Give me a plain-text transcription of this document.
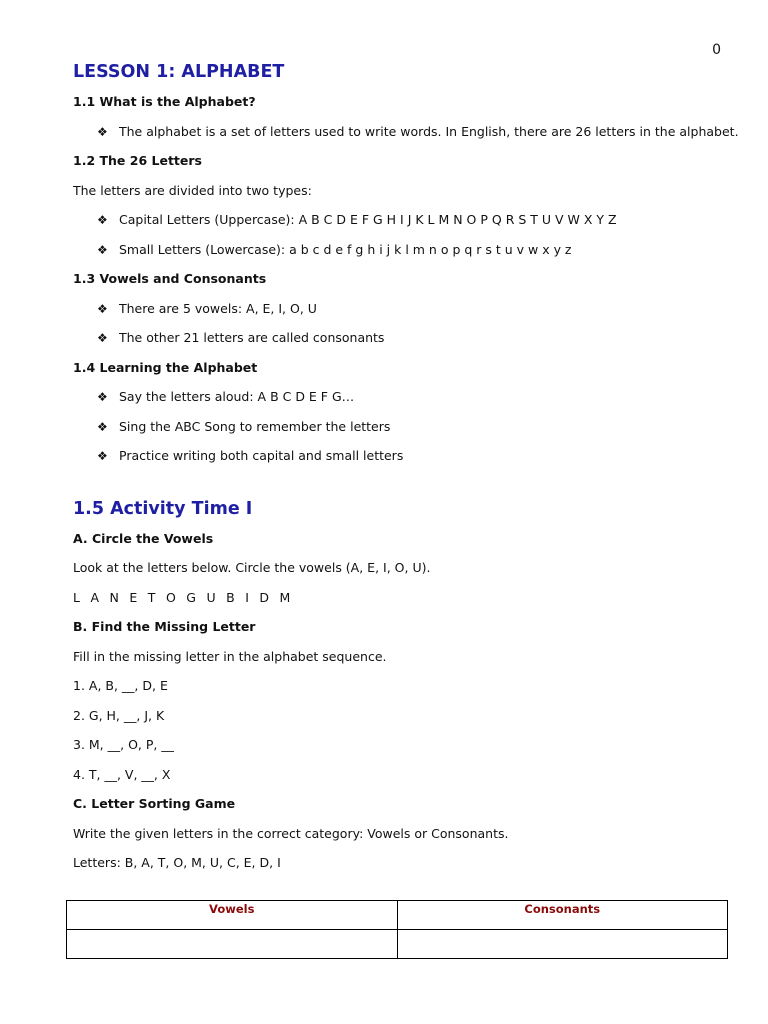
0
LESSON 1: ALPHABET
1.1 What is the Alphabet?
❖ The alphabet is a set of letters used to write words. In English, there are 26 letters in the alphabet.
1.2 The 26 Letters
The letters are divided into two types:
❖ Capital Letters (Uppercase): A B C D E F G H I J K L M N O P Q R S T U V W X Y Z
❖ Small Letters (Lowercase): a b c d e f g h i j k l m n o p q r s t u v w x y z
1.3 Vowels and Consonants
❖ There are 5 vowels: A, E, I, O, U
❖ The other 21 letters are called consonants
1.4 Learning the Alphabet
❖ Say the letters aloud: A B C D E F G…
❖ Sing the ABC Song to remember the letters
❖ Practice writing both capital and small letters
1.5 Activity Time I
A. Circle the Vowels
Look at the letters below. Circle the vowels (A, E, I, O, U).
L A N E T O G U B I D M
B. Find the Missing Letter
Fill in the missing letter in the alphabet sequence.
1. A, B, __, D, E
2. G, H, __, J, K
3. M, __, O, P, __
4. T, __, V, __, X
C. Letter Sorting Game
Write the given letters in the correct category: Vowels or Consonants.
Letters: B, A, T, O, M, U, C, E, D, I
Vowels	Consonants
